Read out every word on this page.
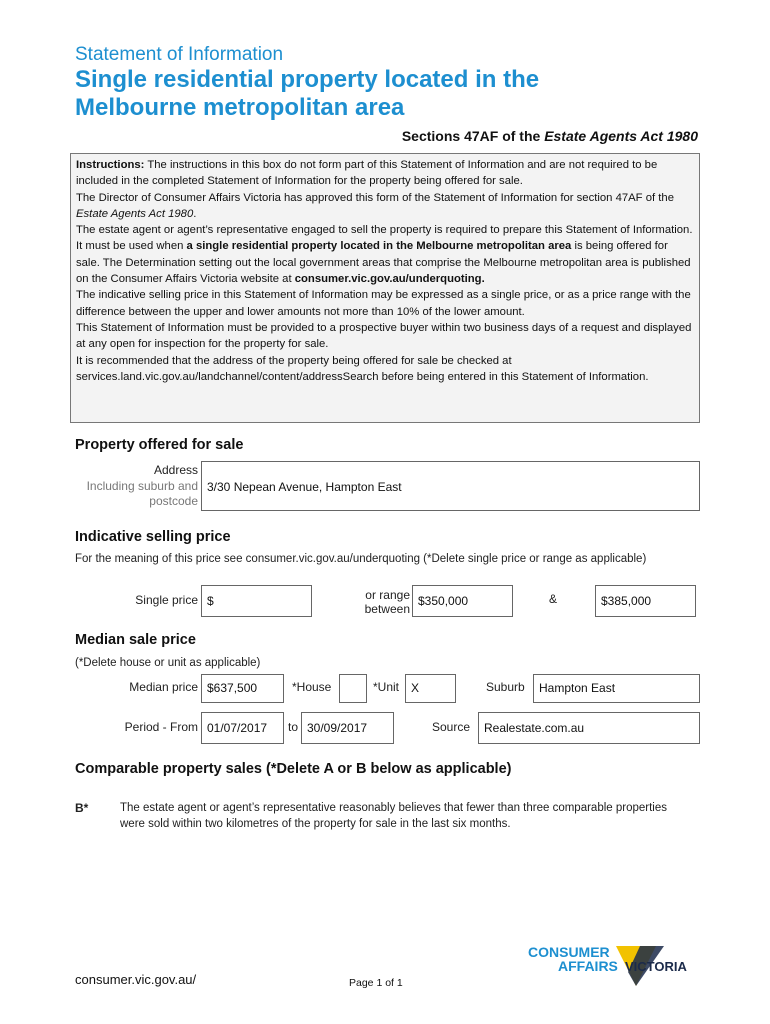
Statement of Information
Single residential property located in the
Melbourne metropolitan area
Sections 47AF of the Estate Agents Act 1980

Instructions: The instructions in this box do not form part of this Statement of Information and are not required to be included in the completed Statement of Information for the property being offered for sale.

The Director of Consumer Affairs Victoria has approved this form of the Statement of Information for section 47AF of the Estate Agents Act 1980.

The estate agent or agent’s representative engaged to sell the property is required to prepare this Statement of Information. It must be used when a single residential property located in the Melbourne metropolitan area is being offered for sale. The Determination setting out the local government areas that comprise the Melbourne metropolitan area is published on the Consumer Affairs Victoria website at consumer.vic.gov.au/underquoting.

The indicative selling price in this Statement of Information may be expressed as a single price, or as a price range with the difference between the upper and lower amounts not more than 10% of the lower amount.

This Statement of Information must be provided to a prospective buyer within two business days of a request and displayed at any open for inspection for the property for sale.

It is recommended that the address of the property being offered for sale be checked at services.land.vic.gov.au/landchannel/content/addressSearch before being entered in this Statement of Information.

Property offered for sale
Address
Including suburb and
postcode
3/30 Nepean Avenue, Hampton East
Indicative selling price
For the meaning of this price see consumer.vic.gov.au/underquoting (*Delete single price or range as applicable)
Single price $	or range
between
$350,000	&	$385,000
Median sale price
(*Delete house or unit as applicable)
Median price $637,500	*House	*Unit X	Suburb	Hampton East
Period - From 01/07/2017	to 30/09/2017	Source	Realestate.com.au
Comparable property sales (*Delete A or B below as applicable)
B*	The estate agent or agent’s representative reasonably believes that fewer than three comparable properties were sold within two kilometres of the property for sale in the last six months.
consumer.vic.gov.au/	Page 1 of 1
CONSUMER
AFFAIRS VICTORIA
